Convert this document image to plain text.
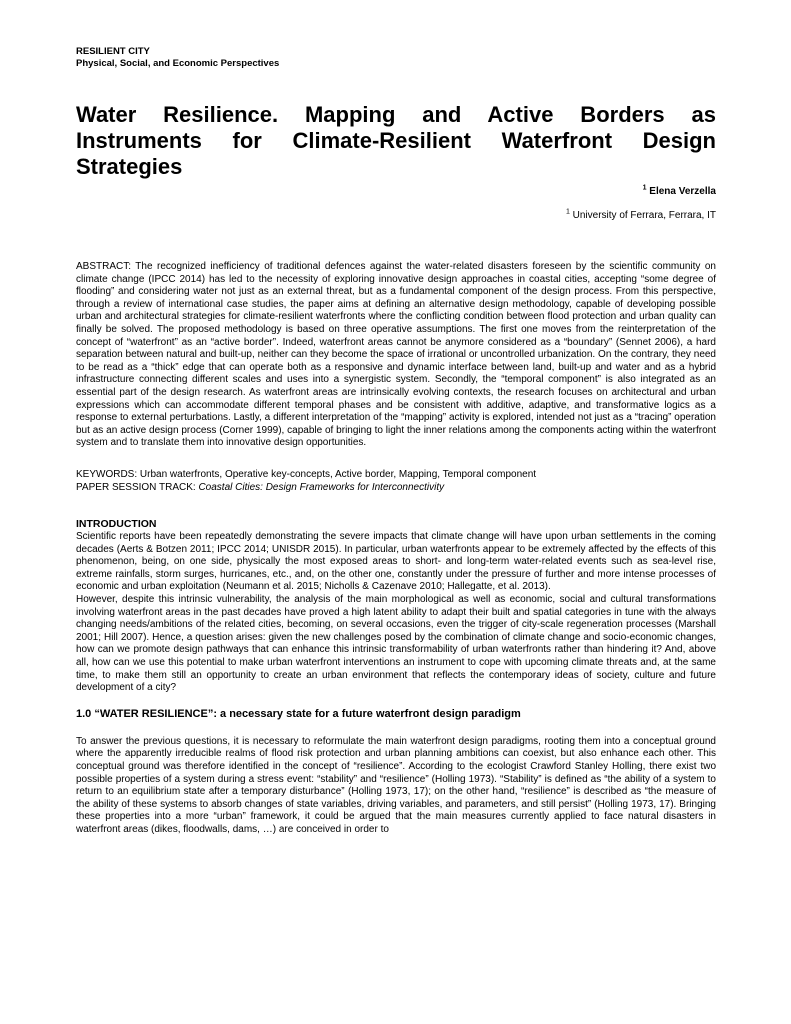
RESILIENT CITY
Physical, Social, and Economic Perspectives
Water Resilience. Mapping and Active Borders as Instruments for Climate-Resilient Waterfront Design Strategies
$^1$ Elena Verzella
$^1$ University of Ferrara, Ferrara, IT
ABSTRACT: The recognized inefficiency of traditional defences against the water-related disasters foreseen by the scientific community on climate change (IPCC 2014) has led to the necessity of exploring innovative design approaches in coastal cities, accepting “some degree of flooding” and considering water not just as an external threat, but as a fundamental component of the design process. From this perspective, through a review of international case studies, the paper aims at defining an alternative design methodology, capable of developing possible urban and architectural strategies for climate-resilient waterfronts where the conflicting condition between flood protection and urban quality can finally be solved. The proposed methodology is based on three operative assumptions. The first one moves from the reinterpretation of the concept of “waterfront” as an “active border”. Indeed, waterfront areas cannot be anymore considered as a “boundary” (Sennet 2006), a hard separation between natural and built-up, neither can they become the space of irrational or uncontrolled urbanization. On the contrary, they need to be read as a “thick” edge that can operate both as a responsive and dynamic interface between land, built-up and water and as a hybrid infrastructure connecting different scales and uses into a synergistic system. Secondly, the “temporal component” is also integrated as an essential part of the design research. As waterfront areas are intrinsically evolving contexts, the research focuses on architectural and urban expressions which can accommodate different temporal phases and be consistent with additive, adaptive, and transformative logics as a response to external perturbations. Lastly, a different interpretation of the “mapping” activity is explored, intended not just as a “tracing” operation but as an active design process (Corner 1999), capable of bringing to light the inner relations among the components acting within the waterfront system and to translate them into innovative design opportunities.
KEYWORDS: Urban waterfronts, Operative key-concepts, Active border, Mapping, Temporal component
PAPER SESSION TRACK: Coastal Cities: Design Frameworks for Interconnectivity
INTRODUCTION
Scientific reports have been repeatedly demonstrating the severe impacts that climate change will have upon urban settlements in the coming decades (Aerts & Botzen 2011; IPCC 2014; UNISDR 2015). In particular, urban waterfronts appear to be extremely affected by the effects of this phenomenon, being, on one side, physically the most exposed areas to short- and long-term water-related events such as sea-level rise, extreme rainfalls, storm surges, hurricanes, etc., and, on the other one, constantly under the pressure of further and more intense processes of economic and urban exploitation (Neumann et al. 2015; Nicholls & Cazenave 2010; Hallegatte, et al. 2013).
However, despite this intrinsic vulnerability, the analysis of the main morphological as well as economic, social and cultural transformations involving waterfront areas in the past decades have proved a high latent ability to adapt their built and spatial categories in tune with the always changing needs/ambitions of the related cities, becoming, on several occasions, even the trigger of city-scale regeneration processes (Marshall 2001; Hill 2007). Hence, a question arises: given the new challenges posed by the combination of climate change and socio-economic changes, how can we promote design pathways that can enhance this intrinsic transformability of urban waterfronts rather than hindering it? And, above all, how can we use this potential to make urban waterfront interventions an instrument to cope with upcoming climate threats and, at the same time, to make them still an opportunity to create an urban environment that reflects the contemporary ideas of society, culture and future development of a city?
1.0 “WATER RESILIENCE”: a necessary state for a future waterfront design paradigm
To answer the previous questions, it is necessary to reformulate the main waterfront design paradigms, rooting them into a conceptual ground where the apparently irreducible realms of flood risk protection and urban planning ambitions can coexist, but also enhance each other. This conceptual ground was therefore identified in the concept of “resilience”. According to the ecologist Crawford Stanley Holling, there exist two possible properties of a system during a stress event: “stability” and “resilience” (Holling 1973). “Stability” is defined as “the ability of a system to return to an equilibrium state after a temporary disturbance” (Holling 1973, 17); on the other hand, “resilience” is described as “the measure of the ability of these systems to absorb changes of state variables, driving variables, and parameters, and still persist” (Holling 1973, 17). Bringing these properties into a more “urban” framework, it could be argued that the main measures currently applied to face natural disasters in waterfront areas (dikes, floodwalls, dams, …) are conceived in order to
